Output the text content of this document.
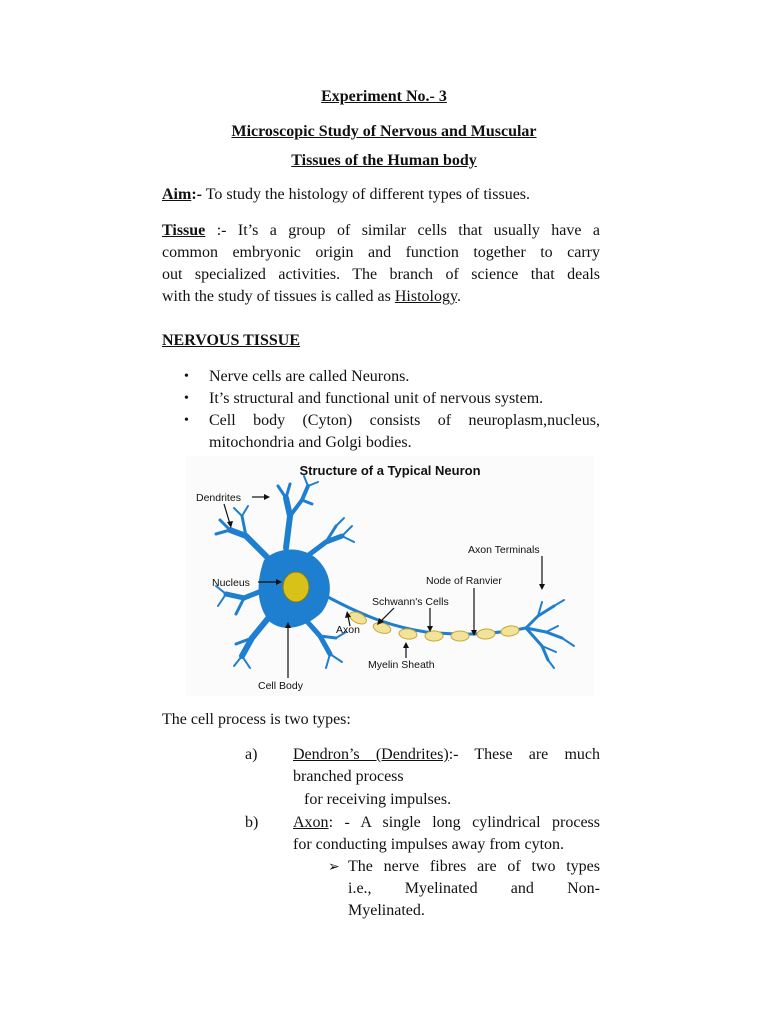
Experiment No.- 3
Microscopic Study of Nervous and Muscular
Tissues of the Human body
Aim:- To study the histology of different types of tissues.
Tissue :- It’s a group of similar cells that usually have a
common embryonic origin and function together to carry
out specialized activities. The branch of science that deals
with the study of tissues is called as Histology.
NERVOUS TISSUE
• Nerve cells are called Neurons.
• It’s structural and functional unit of nervous system.
• Cell body (Cyton) consists of neuroplasm,nucleus,
mitochondria and Golgi bodies.
Structure of a Typical Neuron
Dendrites
Nucleus
Schwann's Cells
Axon
Node of Ranvier
Axon Terminals
Myelin Sheath
Cell Body
The cell process is two types:
a) Dendron’s (Dendrites):- These are much
branched process
for receiving impulses.
b) Axon: - A single long cylindrical process
for conducting impulses away from cyton.
➢ The nerve fibres are of two types
i.e., Myelinated and Non-
Myelinated.
